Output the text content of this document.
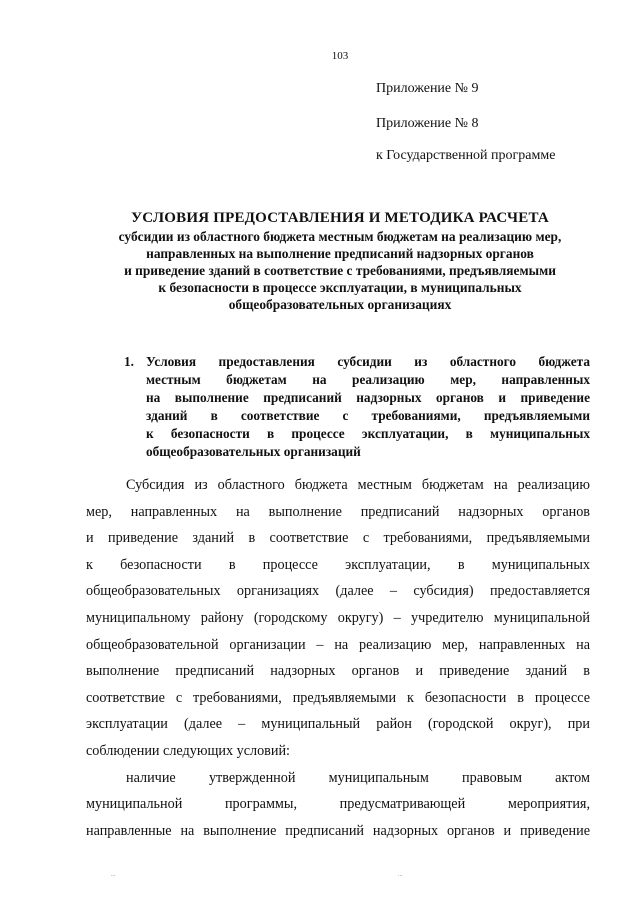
103
Приложение № 9
Приложение № 8
к Государственной программе
УСЛОВИЯ ПРЕДОСТАВЛЕНИЯ И МЕТОДИКА РАСЧЕТА
субсидии из областного бюджета местным бюджетам на реализацию мер,
направленных на выполнение предписаний надзорных органов
и приведение зданий в соответствие с требованиями, предъявляемыми
к безопасности в процессе эксплуатации, в муниципальных
общеобразовательных организациях
1. Условия предоставления субсидии из областного бюджета
местным бюджетам на реализацию мер, направленных
на выполнение предписаний надзорных органов и приведение
зданий в соответствие с требованиями, предъявляемыми
к безопасности в процессе эксплуатации, в муниципальных
общеобразовательных организаций
Субсидия из областного бюджета местным бюджетам на реализацию
мер, направленных на выполнение предписаний надзорных органов
и приведение зданий в соответствие с требованиями, предъявляемыми
к безопасности в процессе эксплуатации, в муниципальных
общеобразовательных организациях (далее – субсидия) предоставляется
муниципальному району (городскому округу) – учредителю муниципальной
общеобразовательной организации – на реализацию мер, направленных на
выполнение предписаний надзорных органов и приведение зданий в
соответствие с требованиями, предъявляемыми к безопасности в процессе
эксплуатации (далее – муниципальный район (городской округ), при
соблюдении следующих условий:
наличие утвержденной муниципальным правовым актом
муниципальной программы, предусматривающей мероприятия,
направленные на выполнение предписаний надзорных органов и приведение
...	...
